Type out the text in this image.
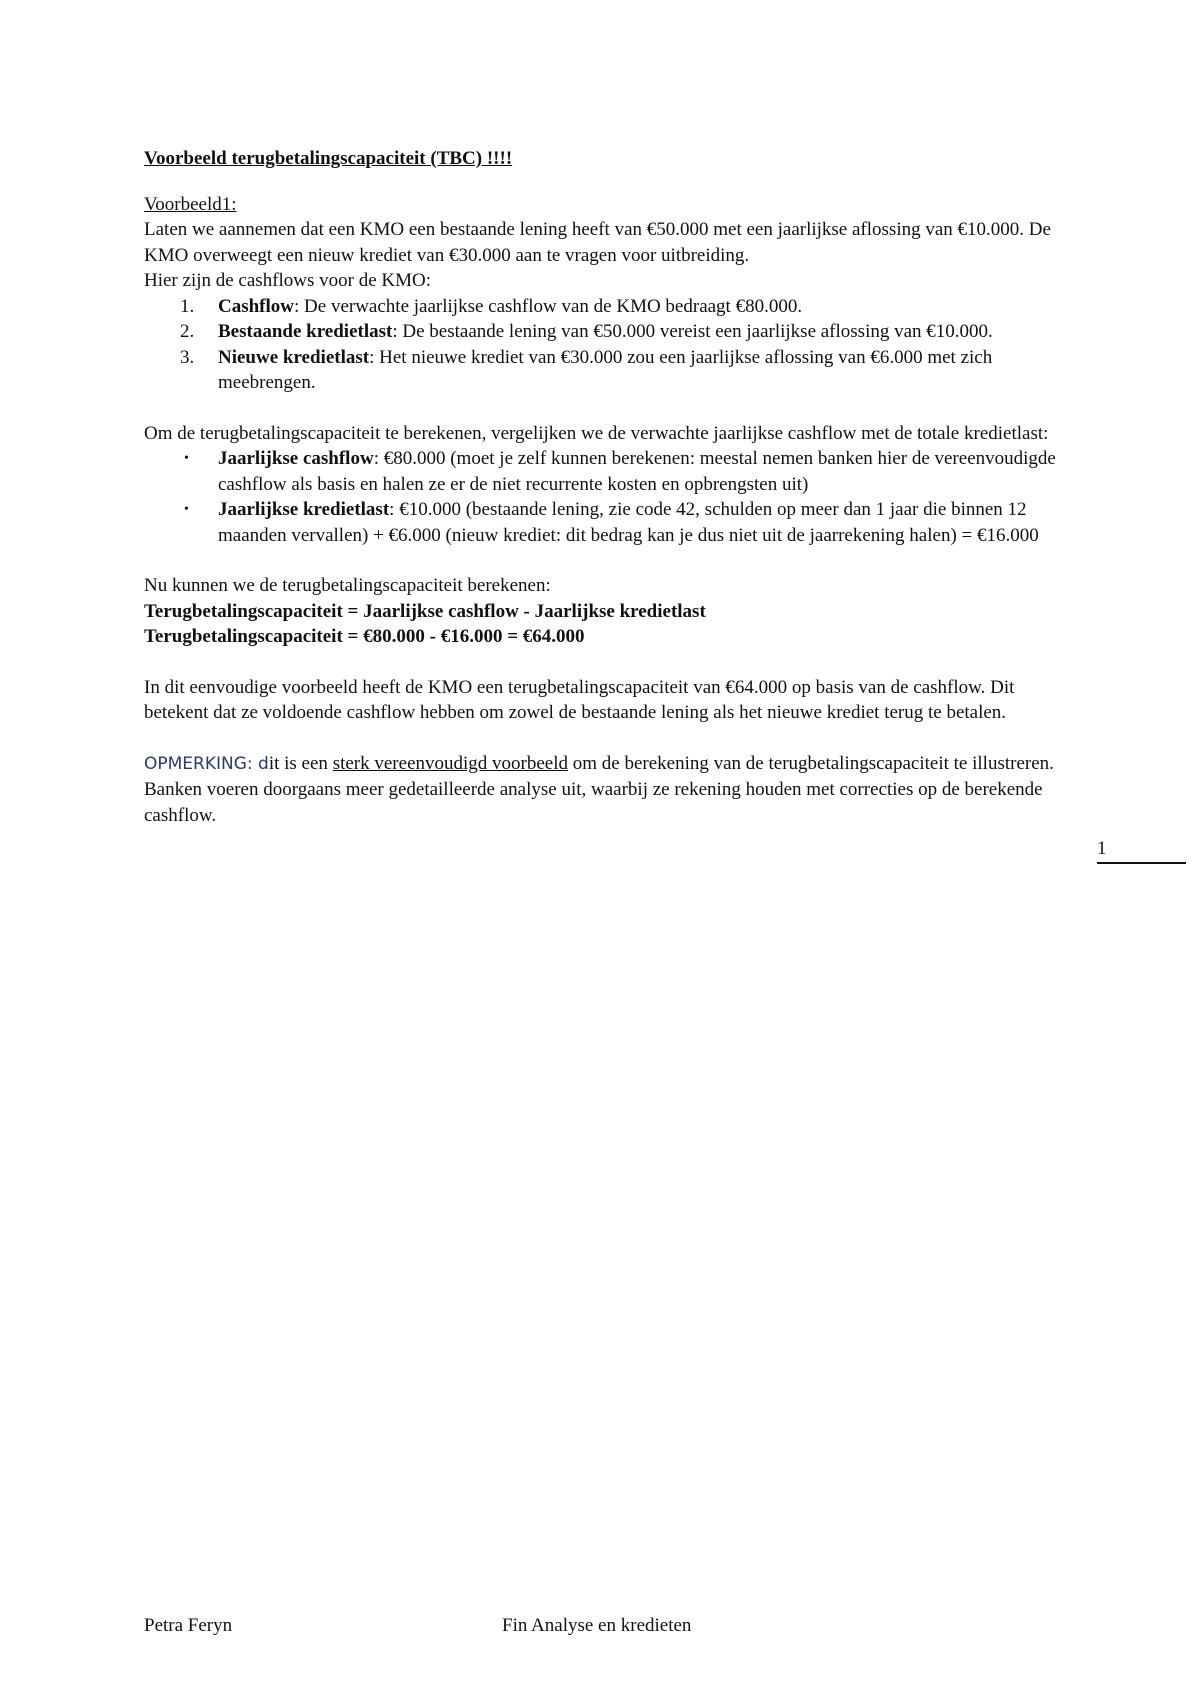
Voorbeeld terugbetalingscapaciteit (TBC) !!!!

Voorbeeld1:

Laten we aannemen dat een KMO een bestaande lening heeft van €50.000 met een jaarlijkse aflossing van €10.000. De KMO overweegt een nieuw krediet van €30.000 aan te vragen voor uitbreiding.

Hier zijn de cashflows voor de KMO:

1. Cashflow: De verwachte jaarlijkse cashflow van de KMO bedraagt €80.000.
2. Bestaande kredietlast: De bestaande lening van €50.000 vereist een jaarlijkse aflossing van €10.000.
3. Nieuwe kredietlast: Het nieuwe krediet van €30.000 zou een jaarlijkse aflossing van €6.000 met zich meebrengen.

Om de terugbetalingscapaciteit te berekenen, vergelijken we de verwachte jaarlijkse cashflow met de totale kredietlast:

• Jaarlijkse cashflow: €80.000 (moet je zelf kunnen berekenen: meestal nemen banken hier de vereenvoudigde cashflow als basis en halen ze er de niet recurrente kosten en opbrengsten uit)
• Jaarlijkse kredietlast: €10.000 (bestaande lening, zie code 42, schulden op meer dan 1 jaar die binnen 12 maanden vervallen) + €6.000 (nieuw krediet: dit bedrag kan je dus niet uit de jaarrekening halen) = €16.000

Nu kunnen we de terugbetalingscapaciteit berekenen:

Terugbetalingscapaciteit = Jaarlijkse cashflow - Jaarlijkse kredietlast

Terugbetalingscapaciteit = €80.000 - €16.000 = €64.000

In dit eenvoudige voorbeeld heeft de KMO een terugbetalingscapaciteit van €64.000 op basis van de cashflow. Dit betekent dat ze voldoende cashflow hebben om zowel de bestaande lening als het nieuwe krediet terug te betalen.

OPMERKING: dit is een sterk vereenvoudigd voorbeeld om de berekening van de terugbetalingscapaciteit te illustreren. Banken voeren doorgaans meer gedetailleerde analyse uit, waarbij ze rekening houden met correcties op de berekende cashflow.

1
Petra Feryn	Fin Analyse en kredieten
